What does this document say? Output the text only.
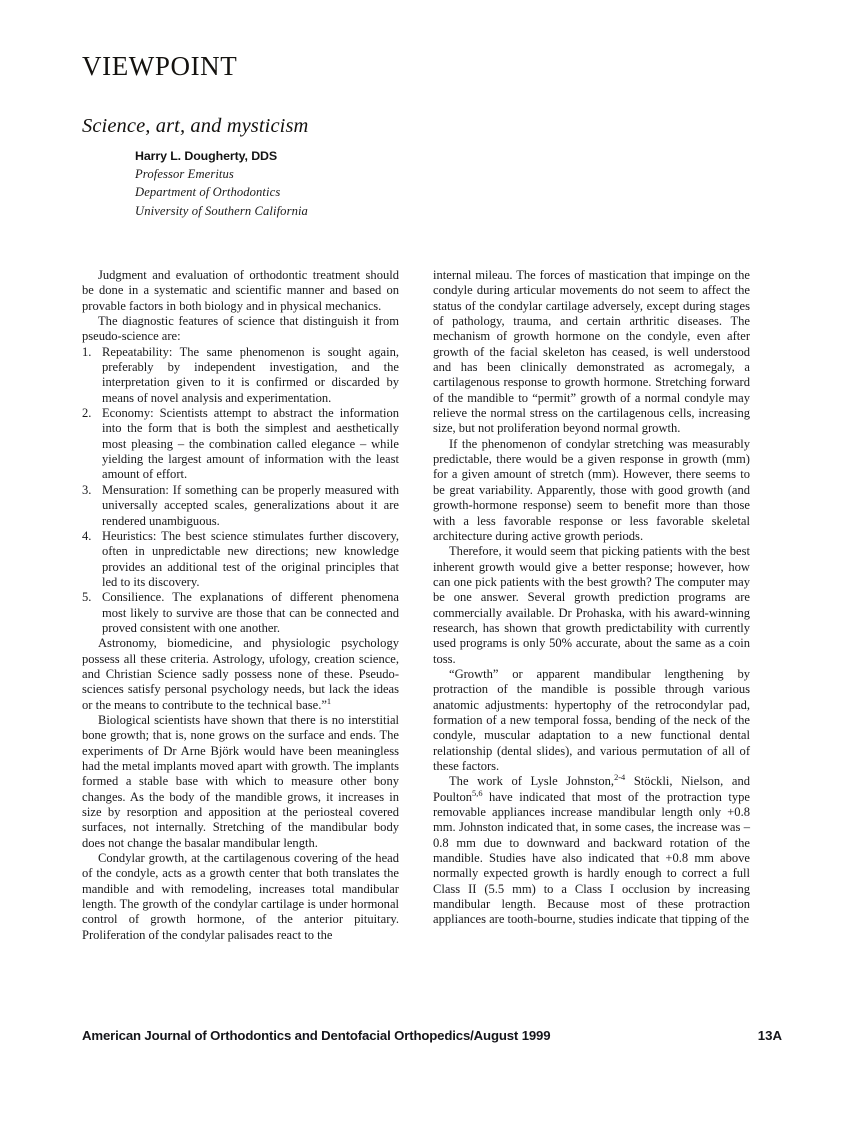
VIEWPOINT
Science, art, and mysticism
Harry L. Dougherty, DDS
Professor Emeritus
Department of Orthodontics
University of Southern California

Judgment and evaluation of orthodontic treatment should be done in a systematic and scientific manner and based on provable factors in both biology and in physical mechanics.

The diagnostic features of science that distinguish it from pseudo-science are:

1. Repeatability: The same phenomenon is sought again, preferably by independent investigation, and the interpretation given to it is confirmed or discarded by means of novel analysis and experimentation.
2. Economy: Scientists attempt to abstract the information into the form that is both the simplest and aesthetically most pleasing – the combination called elegance – while yielding the largest amount of information with the least amount of effort.
3. Mensuration: If something can be properly measured with universally accepted scales, generalizations about it are rendered unambiguous.
4. Heuristics: The best science stimulates further discovery, often in unpredictable new directions; new knowledge provides an additional test of the original principles that led to its discovery.
5. Consilience. The explanations of different phenomena most likely to survive are those that can be connected and proved consistent with one another.

Astronomy, biomedicine, and physiologic psychology possess all these criteria. Astrology, ufology, creation science, and Christian Science sadly possess none of these. Pseudo-sciences satisfy personal psychology needs, but lack the ideas or the means to contribute to the technical base.”$^1$

Biological scientists have shown that there is no interstitial bone growth; that is, none grows on the surface and ends. The experiments of Dr Arne Björk would have been meaningless had the metal implants moved apart with growth. The implants formed a stable base with which to measure other bony changes. As the body of the mandible grows, it increases in size by resorption and apposition at the periosteal covered surfaces, not internally. Stretching of the mandibular body does not change the basalar mandibular length.

Condylar growth, at the cartilagenous covering of the head of the condyle, acts as a growth center that both translates the mandible and with remodeling, increases total mandibular length. The growth of the condylar cartilage is under hormonal control of growth hormone, of the anterior pituitary. Proliferation of the condylar palisades react to the

internal mileau. The forces of mastication that impinge on the condyle during articular movements do not seem to affect the status of the condylar cartilage adversely, except during stages of pathology, trauma, and certain arthritic diseases. The mechanism of growth hormone on the condyle, even after growth of the facial skeleton has ceased, is well understood and has been clinically demonstrated as acromegaly, a cartilagenous response to growth hormone. Stretching forward of the mandible to “permit” growth of a normal condyle may relieve the normal stress on the cartilagenous cells, increasing size, but not proliferation beyond normal growth.

If the phenomenon of condylar stretching was measurably predictable, there would be a given response in growth (mm) for a given amount of stretch (mm). However, there seems to be great variability. Apparently, those with good growth (and growth-hormone response) seem to benefit more than those with a less favorable response or less favorable skeletal architecture during active growth periods.

Therefore, it would seem that picking patients with the best inherent growth would give a better response; however, how can one pick patients with the best growth? The computer may be one answer. Several growth prediction programs are commercially available. Dr Prohaska, with his award-winning research, has shown that growth predictability with currently used programs is only 50% accurate, about the same as a coin toss.

“Growth” or apparent mandibular lengthening by protraction of the mandible is possible through various anatomic adjustments: hypertophy of the retrocondylar pad, formation of a new temporal fossa, bending of the neck of the condyle, muscular adaptation to a new functional dental relationship (dental slides), and various permutation of all of these factors.

The work of Lysle Johnston,$^{2-4}$ Stöckli, Nielson, and Poulton$^{5,6}$ have indicated that most of the protraction type removable appliances increase mandibular length only +0.8 mm. Johnston indicated that, in some cases, the increase was –0.8 mm due to downward and backward rotation of the mandible. Studies have also indicated that +0.8 mm above normally expected growth is hardly enough to correct a full Class II (5.5 mm) to a Class I occlusion by increasing mandibular length. Because most of these protraction appliances are tooth-bourne, studies indicate that tipping of the

American Journal of Orthodontics and Dentofacial Orthopedics/August 1999	13A
